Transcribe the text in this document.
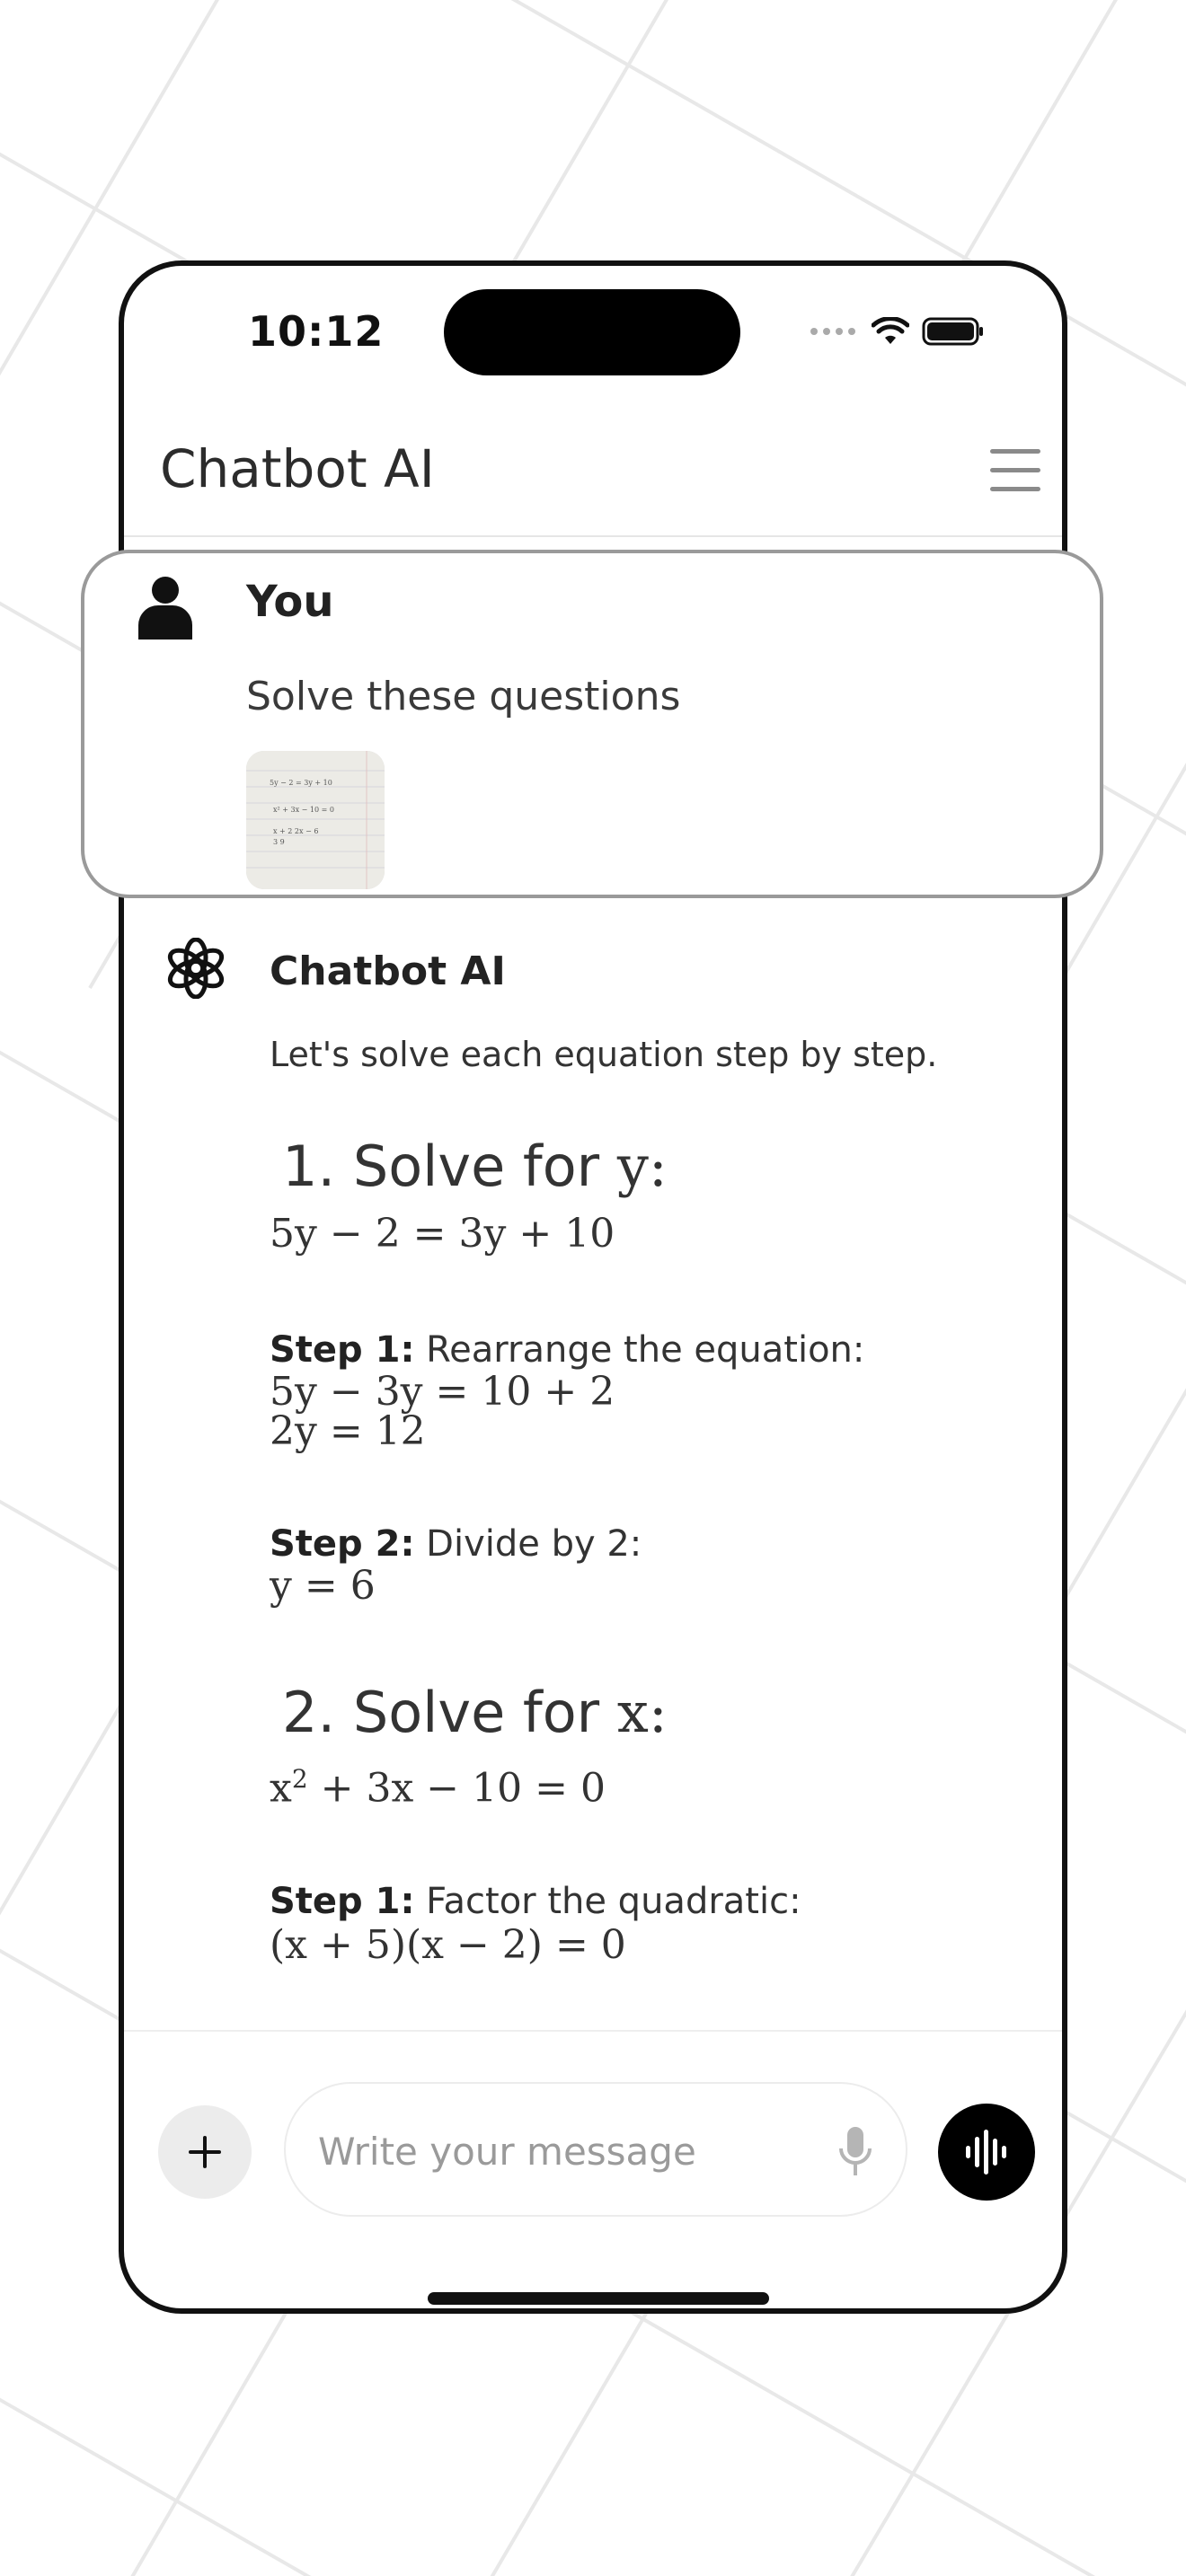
10:12
Chatbot AI
Chatbot AI
Let's solve each equation step by step.
1. Solve for y:
5y − 2 = 3y + 10
Step 1: Rearrange the equation:
5y − 3y = 10 + 2
2y = 12
Step 2: Divide by 2:
y = 6
2. Solve for x:
$x^2 + 3x - 10 = 0$
Step 1: Factor the quadratic:
(x + 5)(x − 2) = 0
Write your message
You
Solve these questions
5y − 2 = 3y + 10
x² + 3x − 10 = 0
x + 2 2x − 6
3 9
